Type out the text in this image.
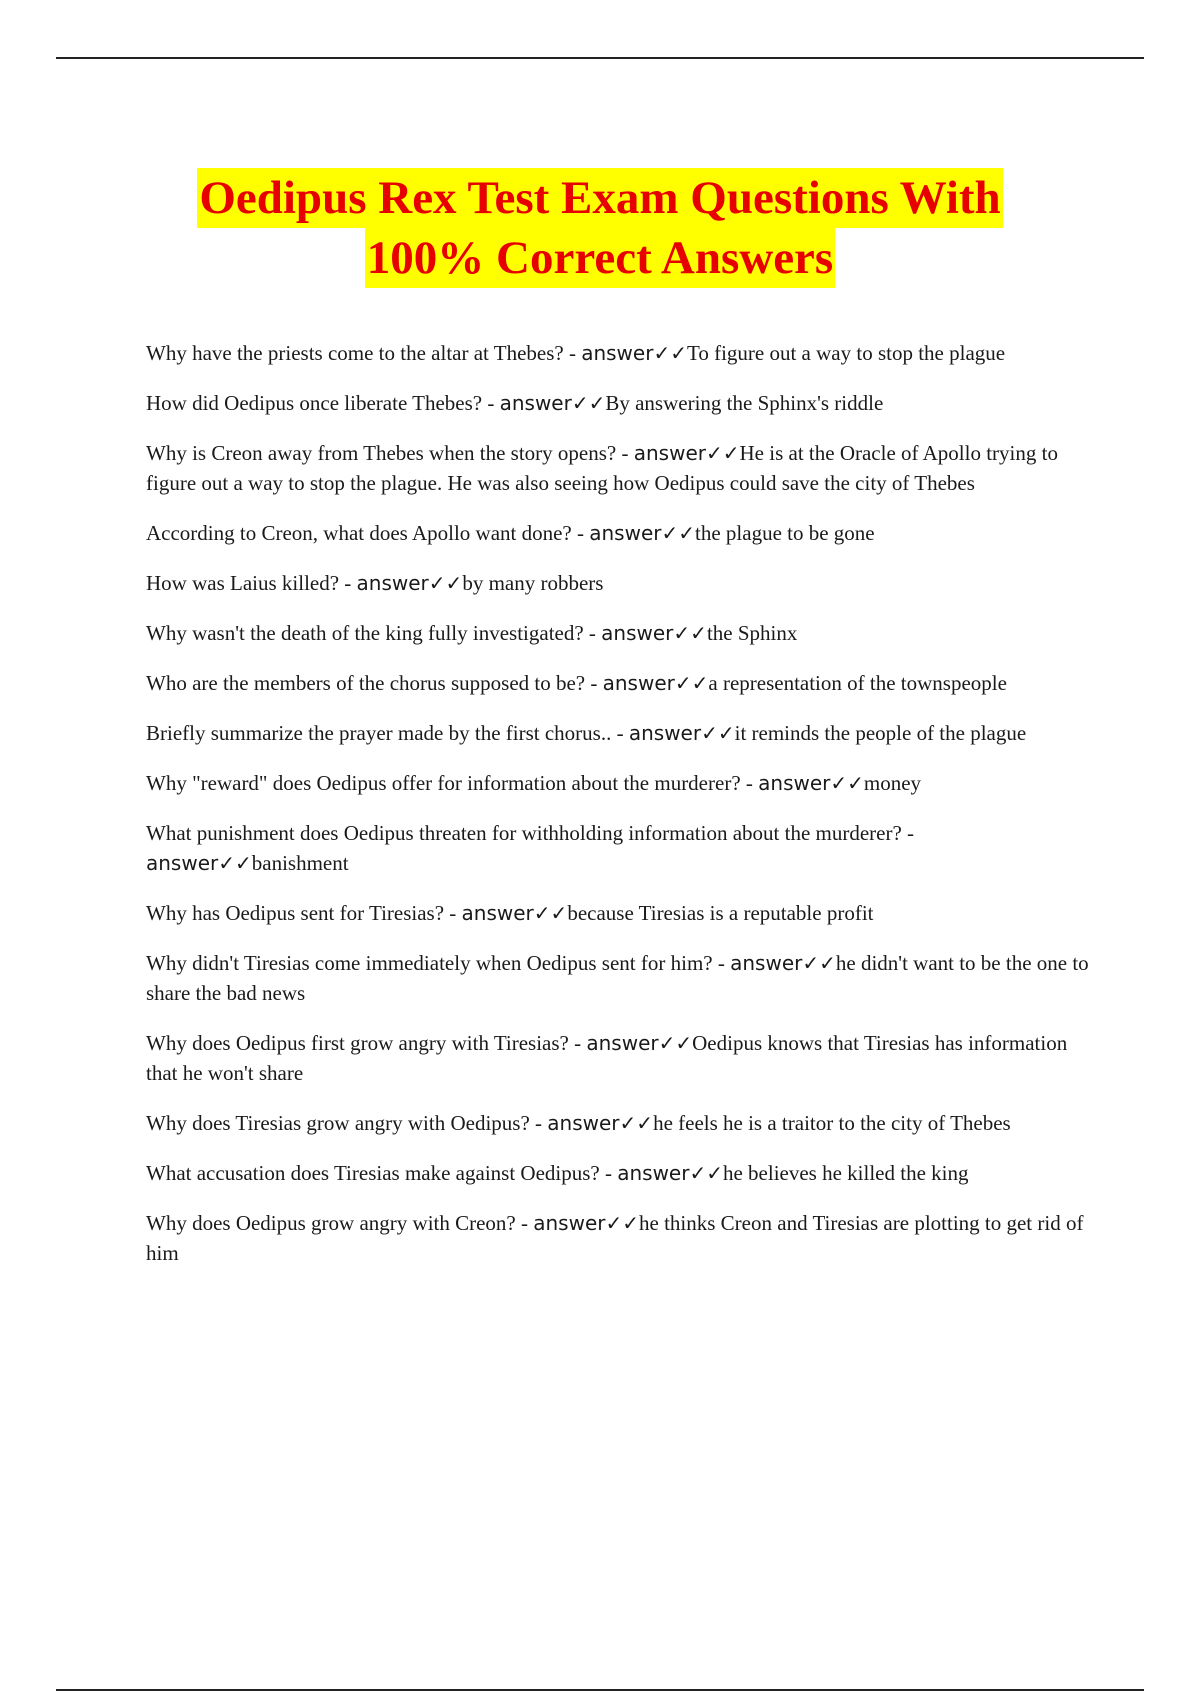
Oedipus Rex Test Exam Questions With
100% Correct Answers

Why have the priests come to the altar at Thebes? - answer✓✓To figure out a way to stop the plague

How did Oedipus once liberate Thebes? - answer✓✓By answering the Sphinx's riddle

Why is Creon away from Thebes when the story opens? - answer✓✓He is at the Oracle of Apollo trying to figure out a way to stop the plague. He was also seeing how Oedipus could save the city of Thebes

According to Creon, what does Apollo want done? - answer✓✓the plague to be gone

How was Laius killed? - answer✓✓by many robbers

Why wasn't the death of the king fully investigated? - answer✓✓the Sphinx

Who are the members of the chorus supposed to be? - answer✓✓a representation of the townspeople

Briefly summarize the prayer made by the first chorus.. - answer✓✓it reminds the people of the plague

Why "reward" does Oedipus offer for information about the murderer? - answer✓✓money

What punishment does Oedipus threaten for withholding information about the murderer? - answer✓✓banishment

Why has Oedipus sent for Tiresias? - answer✓✓because Tiresias is a reputable profit

Why didn't Tiresias come immediately when Oedipus sent for him? - answer✓✓he didn't want to be the one to share the bad news

Why does Oedipus first grow angry with Tiresias? - answer✓✓Oedipus knows that Tiresias has information that he won't share

Why does Tiresias grow angry with Oedipus? - answer✓✓he feels he is a traitor to the city of Thebes

What accusation does Tiresias make against Oedipus? - answer✓✓he believes he killed the king

Why does Oedipus grow angry with Creon? - answer✓✓he thinks Creon and Tiresias are plotting to get rid of him
